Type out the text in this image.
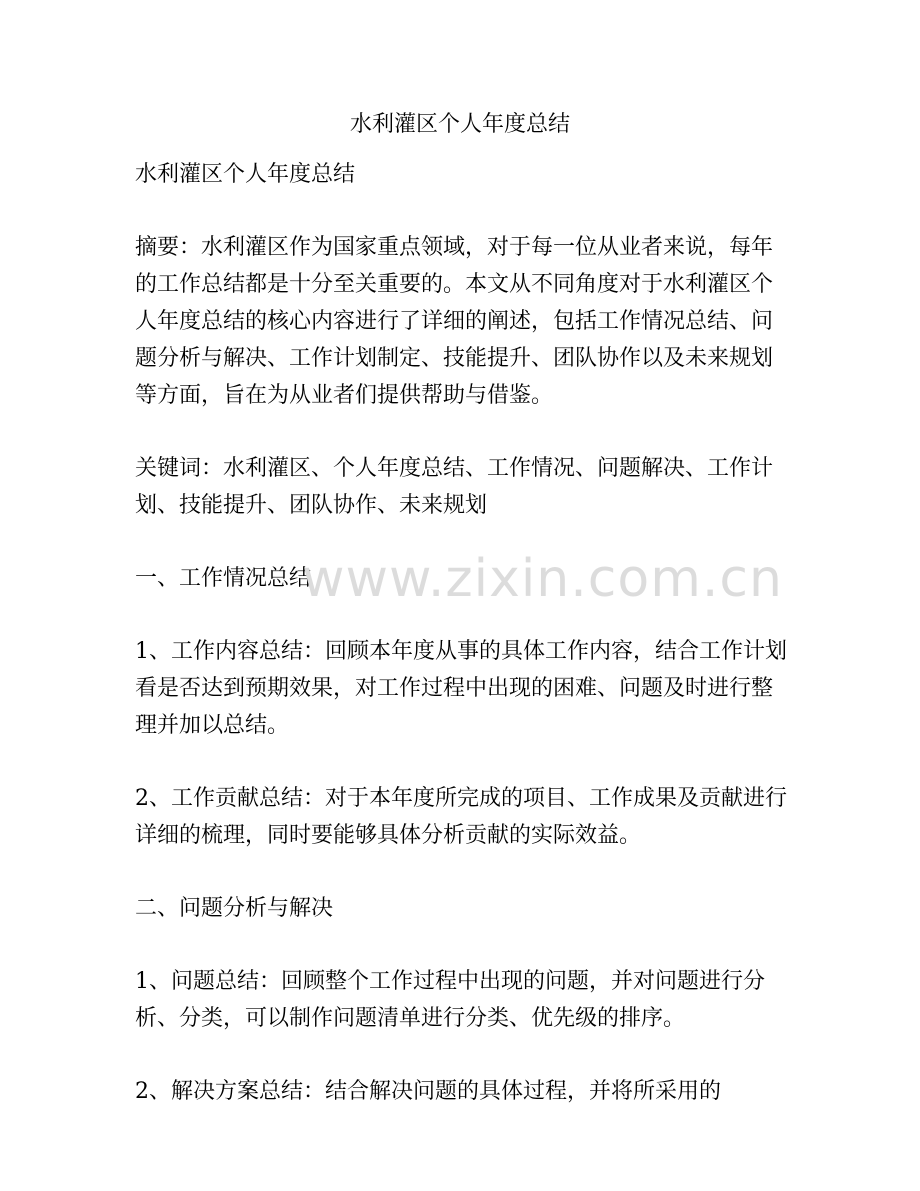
水利灌区个人年度总结

水利灌区个人年度总结

摘要：水利灌区作为国家重点领域，对于每一位从业者来说，每年的工作总结都是十分至关重要的。本文从不同角度对于水利灌区个人年度总结的核心内容进行了详细的阐述，包括工作情况总结、问题分析与解决、工作计划制定、技能提升、团队协作以及未来规划等方面，旨在为从业者们提供帮助与借鉴。

关键词：水利灌区、个人年度总结、工作情况、问题解决、工作计划、技能提升、团队协作、未来规划

一、工作情况总结

1、工作内容总结：回顾本年度从事的具体工作内容，结合工作计划看是否达到预期效果，对工作过程中出现的困难、问题及时进行整理并加以总结。

2、工作贡献总结：对于本年度所完成的项目、工作成果及贡献进行详细的梳理，同时要能够具体分析贡献的实际效益。

二、问题分析与解决

1、问题总结：回顾整个工作过程中出现的问题，并对问题进行分析、分类，可以制作问题清单进行分类、优先级的排序。

2、解决方案总结：结合解决问题的具体过程，并将所采用的

www.zixin.com.cn
